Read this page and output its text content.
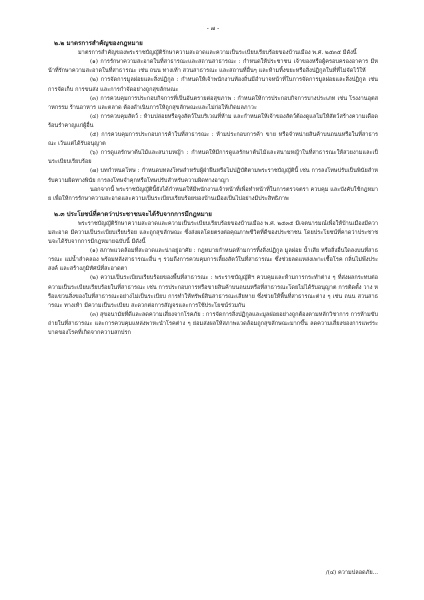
- ๗ -
๒.๒ มาตรการสำคัญของกฎหมาย

มาตรการสำคัญของพระราชบัญญัติรักษาความสะอาดและความเป็นระเบียบเรียบร้อยของบ้านเมือง พ.ศ. ๒๕๓๕ มีดังนี้

(๑) การรักษาความสะอาดในที่สาธารณะและสถานสาธารณะ : กำหนดให้ประชาชน เจ้าของหรือผู้ครอบครองอาคาร มีหน้าที่รักษาความสะอาดในที่สาธารณะ เช่น ถนน ทางเท้า สวนสาธารณะ และสถานที่อื่นๆ และห้ามทิ้งขยะหรือสิ่งปฏิกูลในที่ที่ไม่จัดไว้ให้

(๒) การจัดการมูลฝอยและสิ่งปฏิกูล : กำหนดให้เจ้าพนักงานท้องถิ่นมีอำนาจหน้าที่ในการจัดการมูลฝอยและสิ่งปฏิกูล เช่น การจัดเก็บ การขนส่ง และการกำจัดอย่างถูกสุขลักษณะ

(๓) การควบคุมการประกอบกิจการที่เป็นอันตรายต่อสุขภาพ : กำหนดให้การประกอบกิจการบางประเภท เช่น โรงงานอุตสาหกรรม ร้านอาหาร และตลาด ต้องดำเนินการให้ถูกสุขลักษณะและไม่ก่อให้เกิดมลภาวะ

(๔) การควบคุมสัตว์ : ห้ามปล่อยหรือจูงสัตว์ในบริเวณที่ห้าม และกำหนดให้เจ้าของสัตว์ต้องดูแลไม่ให้สัตว์สร้างความเดือดร้อนรำคาญแก่ผู้อื่น

(๕) การควบคุมการประกอบการค้าในที่สาธารณะ : ห้ามประกอบการค้า ขาย หรือจำหน่ายสินค้าบนถนนหรือในที่สาธารณะ เว้นแต่ได้รับอนุญาต

(๖) การดูแลรักษาต้นไม้และสนามหญ้า : กำหนดให้มีการดูแลรักษาต้นไม้และสนามหญ้าในที่สาธารณะให้สวยงามและเป็นระเบียบเรียบร้อย

(๗) บทกำหนดโทษ : กำหนดบทลงโทษสำหรับผู้ฝ่าฝืนหรือไม่ปฏิบัติตามพระราชบัญญัตินี้ เช่น การลงโทษปรับเป็นพินัยสำหรับความผิดทางพินัย การลงโทษจำคุกหรือโทษปรับสำหรับความผิดทางอาญา

นอกจากนี้ พระราชบัญญัตินี้ยังได้กำหนดให้มีพนักงานเจ้าหน้าที่เพื่อทำหน้าที่ในการตรวจตรา ควบคุม และบังคับใช้กฎหมาย เพื่อให้การรักษาความสะอาดและความเป็นระเบียบเรียบร้อยของบ้านเมืองเป็นไปอย่างมีประสิทธิภาพ

๒.๓ ประโยชน์ที่คาดว่าประชาชนจะได้รับจากการมีกฎหมาย

พระราชบัญญัติรักษาความสะอาดและความเป็นระเบียบเรียบร้อยของบ้านเมือง พ.ศ. ๒๕๓๕ มีเจตนารมณ์เพื่อให้บ้านเมืองมีความสะอาด มีความเป็นระเบียบเรียบร้อย และถูกสุขลักษณะ ซึ่งส่งผลโดยตรงต่อคุณภาพชีวิตที่ดีของประชาชน โดยประโยชน์ที่คาดว่าประชาชนจะได้รับจากการมีกฎหมายฉบับนี้ มีดังนี้

(๑) สภาพแวดล้อมที่สะอาดและน่าอยู่อาศัย : กฎหมายกำหนดห้ามการทิ้งสิ่งปฏิกูล มูลฝอย น้ำเสีย หรือสิ่งอื่นใดลงบนที่สาธารณะ แม่น้ำลำคลอง พร้อมหลังสาธารณะอื่น ๆ รวมถึงการควบคุมการเลี้ยงสัตว์ในที่สาธารณะ ซึ่งช่วยลดแหล่งเพาะเชื้อโรค กลิ่นไม่พึงประสงค์ และสร้างภูมิทัศน์ที่สะอาดตา

(๒) ความเป็นระเบียบเรียบร้อยของพื้นที่สาธารณะ : พระราชบัญญัติฯ ควบคุมและห้ามการกระทำต่าง ๆ ที่ส่งผลกระทบต่อความเป็นระเบียบเรียบร้อยในที่สาธารณะ เช่น การประกอบการหรือขายสินค้าบนถนนหรือที่สาธารณะโดยไม่ได้รับอนุญาต การติดตั้ง วาง หรือแขวนสิ่งของในที่สาธารณะอย่างไม่เป็นระเบียบ การทำให้ทรัพย์สินสาธารณะเสียหาย ซึ่งช่วยให้พื้นที่สาธารณะต่าง ๆ เช่น ถนน สวนสาธารณะ ทางเท้า มีความเป็นระเบียบ สะดวกต่อการสัญจรและการใช้ประโยชน์ร่วมกัน

(๓) สุขอนามัยที่ดีและลดความเสี่ยงจากโรคภัย : การจัดการสิ่งปฏิกูลและมูลฝอยอย่างถูกต้องตามหลักวิชาการ การห้ามขับถ่ายในที่สาธารณะ และการควบคุมแหล่งพาหะนำโรคต่าง ๆ ย่อมส่งผลให้สภาพแวดล้อมถูกสุขลักษณะมากขึ้น ลดความเสี่ยงของการแพร่ระบาดของโรคที่เกิดจากความสกปรก

/(๔) ความปลอดภัย...
